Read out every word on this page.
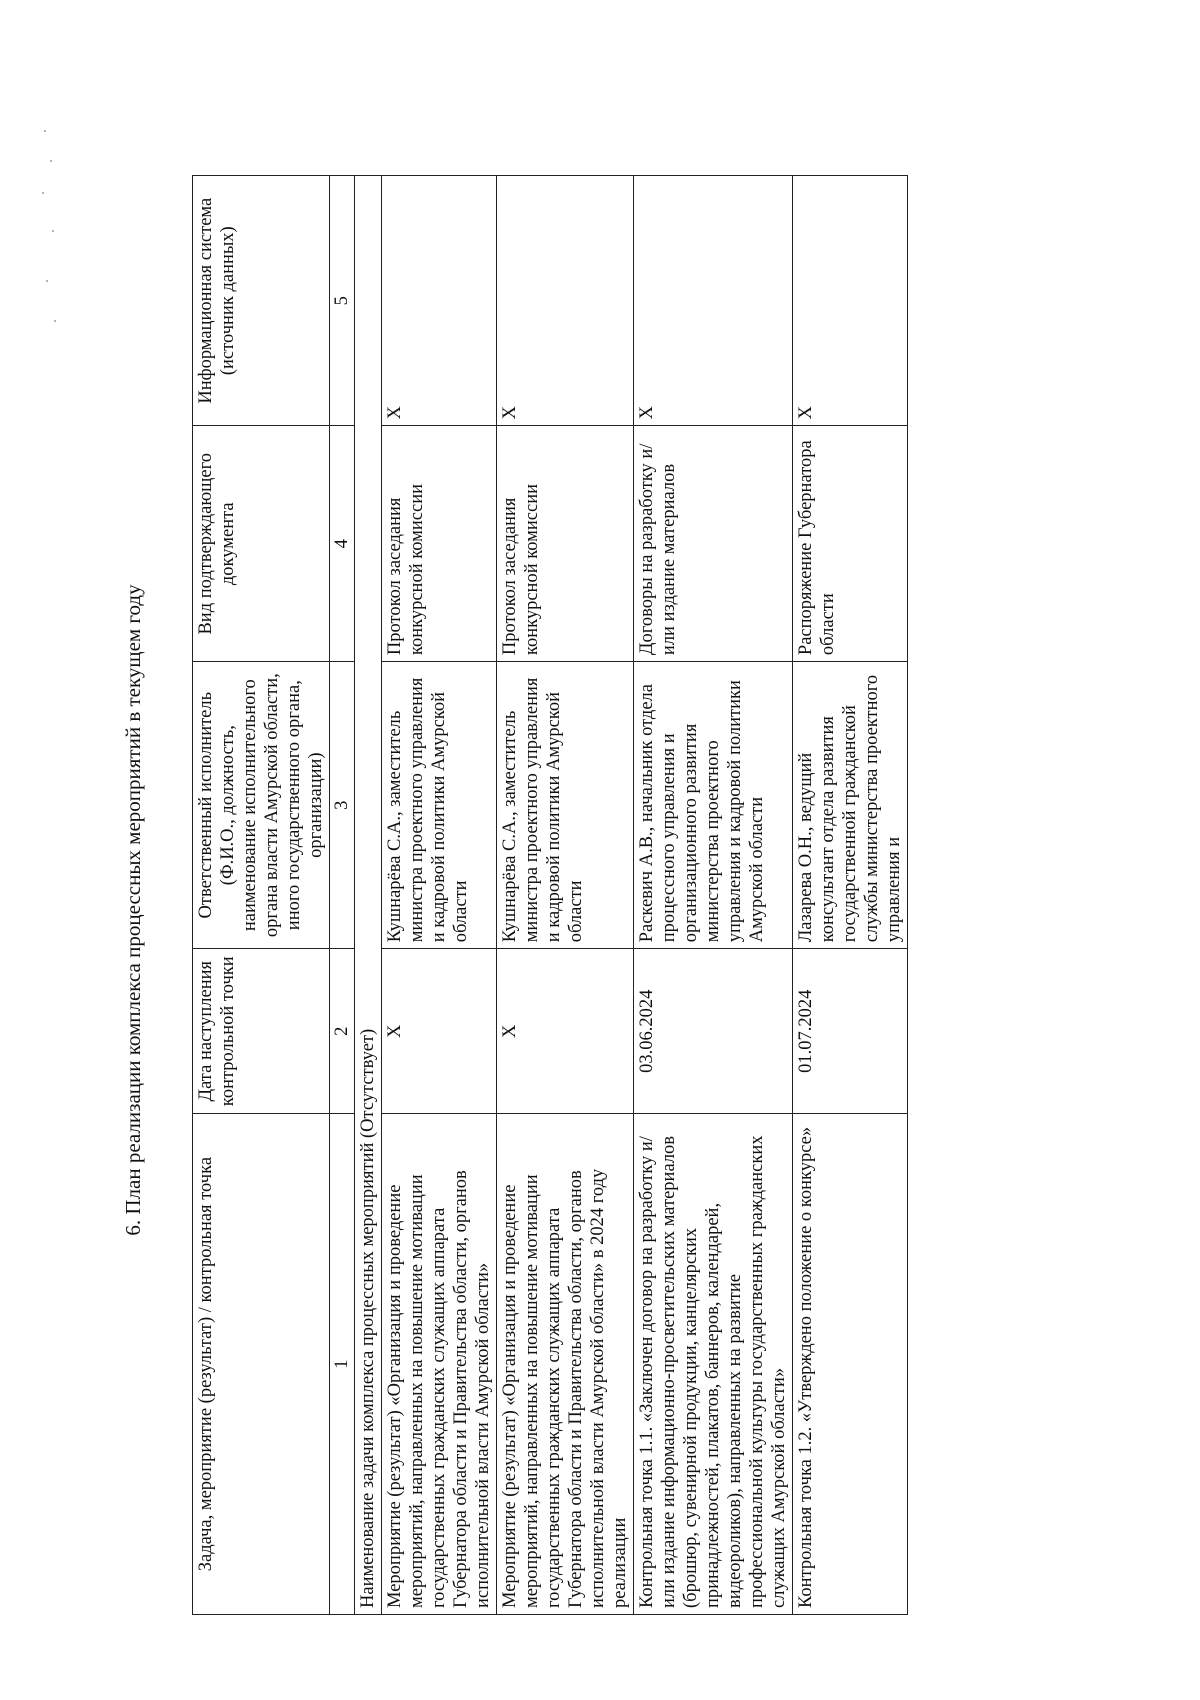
6. План реализации комплекса процессных мероприятий в текущем году
Задача, мероприятие (результат) / контрольная точка	Дата наступления контрольной точки	Ответственный исполнитель (Ф.И.О., должность, наименование исполнительного органа власти Амурской области, иного государственного органа, организации)	Вид подтверждающего документа	Информационная система (источник данных)
1	2	3	4	5
Наименование задачи комплекса процессных мероприятий (Отсутствует)				
Мероприятие (результат) «Организация и проведение мероприятий, направленных на повышение мотивации государственных гражданских служащих аппарата Губернатора области и Правительства области, органов исполнительной власти Амурской области»	Х	Кушнарёва С.А., заместитель министра проектного управления и кадровой политики Амурской области	Протокол заседания конкурсной комиссии	Х
Мероприятие (результат) «Организация и проведение мероприятий, направленных на повышение мотивации государственных гражданских служащих аппарата Губернатора области и Правительства области, органов исполнительной власти Амурской области» в 2024 году реализации	Х	Кушнарёва С.А., заместитель министра проектного управления и кадровой политики Амурской области	Протокол заседания конкурсной комиссии	Х
Контрольная точка 1.1. «Заключен договор на разработку и/или издание информационно-просветительских материалов (брошюр, сувенирной продукции, канцелярских принадлежностей, плакатов, баннеров, календарей, видеороликов), направленных на развитие профессиональной культуры государственных гражданских служащих Амурской области»	03.06.2024	Раскевич А.В., начальник отдела процессного управления и организационного развития министерства проектного управления и кадровой политики Амурской области	Договоры на разработку и/или издание материалов	Х
Контрольная точка 1.2. «Утверждено положение о конкурсе»	01.07.2024	Лазарева О.Н., ведущий консультант отдела развития государственной гражданской службы министерства проектного управления и	Распоряжение Губернатора области	Х
